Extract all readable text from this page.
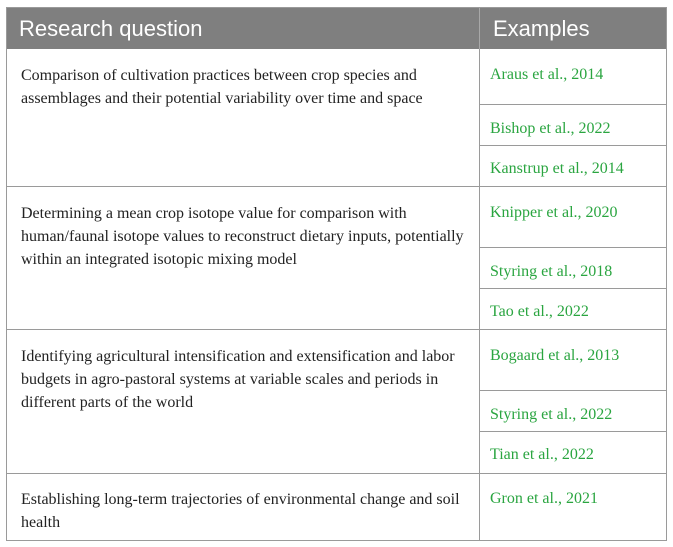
Research question	Examples
Comparison of cultivation practices between crop species and assemblages and their potential variability over time and space
Araus et al., 2014
Bishop et al., 2022
Kanstrup et al., 2014
Determining a mean crop isotope value for comparison with human/faunal isotope values to reconstruct dietary inputs, potentially within an integrated isotopic mixing model
Knipper et al., 2020
Styring et al., 2018
Tao et al., 2022
Identifying agricultural intensification and extensification and labor budgets in agro-pastoral systems at variable scales and periods in different parts of the world
Bogaard et al., 2013
Styring et al., 2022
Tian et al., 2022
Establishing long-term trajectories of environmental change and soil health
Gron et al., 2021
